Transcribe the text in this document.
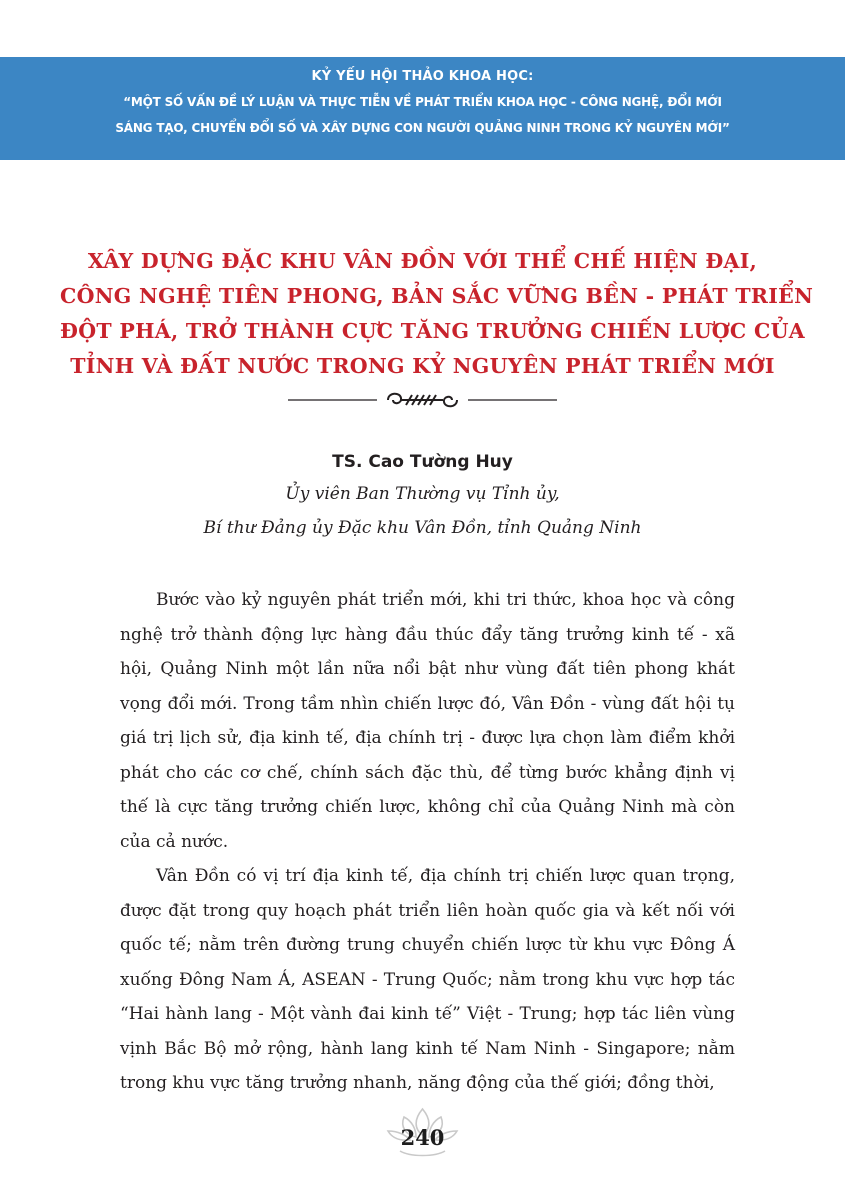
KỶ YẾU HỘI THẢO KHOA HỌC:
“MỘT SỐ VẤN ĐỀ LÝ LUẬN VÀ THỰC TIỄN VỀ PHÁT TRIỂN KHOA HỌC - CÔNG NGHỆ, ĐỔI MỚI
SÁNG TẠO, CHUYỂN ĐỔI SỐ VÀ XÂY DỰNG CON NGƯỜI QUẢNG NINH TRONG KỶ NGUYÊN MỚI”
XÂY DỰNG ĐẶC KHU VÂN ĐỒN VỚI THỂ CHẾ HIỆN ĐẠI,
CÔNG NGHỆ TIÊN PHONG, BẢN SẮC VỮNG BỀN - PHÁT TRIỂN
ĐỘT PHÁ, TRỞ THÀNH CỰC TĂNG TRƯỞNG CHIẾN LƯỢC CỦA
TỈNH VÀ ĐẤT NƯỚC TRONG KỶ NGUYÊN PHÁT TRIỂN MỚI
TS. Cao Tường Huy
Ủy viên Ban Thường vụ Tỉnh ủy,
Bí thư Đảng ủy Đặc khu Vân Đồn, tỉnh Quảng Ninh

Bước vào kỷ nguyên phát triển mới, khi tri thức, khoa học và công nghệ trở thành động lực hàng đầu thúc đẩy tăng trưởng kinh tế - xã hội, Quảng Ninh một lần nữa nổi bật như vùng đất tiên phong khát vọng đổi mới. Trong tầm nhìn chiến lược đó, Vân Đồn - vùng đất hội tụ giá trị lịch sử, địa kinh tế, địa chính trị - được lựa chọn làm điểm khởi phát cho các cơ chế, chính sách đặc thù, để từng bước khẳng định vị thế là cực tăng trưởng chiến lược, không chỉ của Quảng Ninh mà còn của cả nước.

Vân Đồn có vị trí địa kinh tế, địa chính trị chiến lược quan trọng, được đặt trong quy hoạch phát triển liên hoàn quốc gia và kết nối với quốc tế; nằm trên đường trung chuyển chiến lược từ khu vực Đông Á xuống Đông Nam Á, ASEAN - Trung Quốc; nằm trong khu vực hợp tác “Hai hành lang - Một vành đai kinh tế” Việt - Trung; hợp tác liên vùng vịnh Bắc Bộ mở rộng, hành lang kinh tế Nam Ninh - Singapore; nằm trong khu vực tăng trưởng nhanh, năng động của thế giới; đồng thời,

240
